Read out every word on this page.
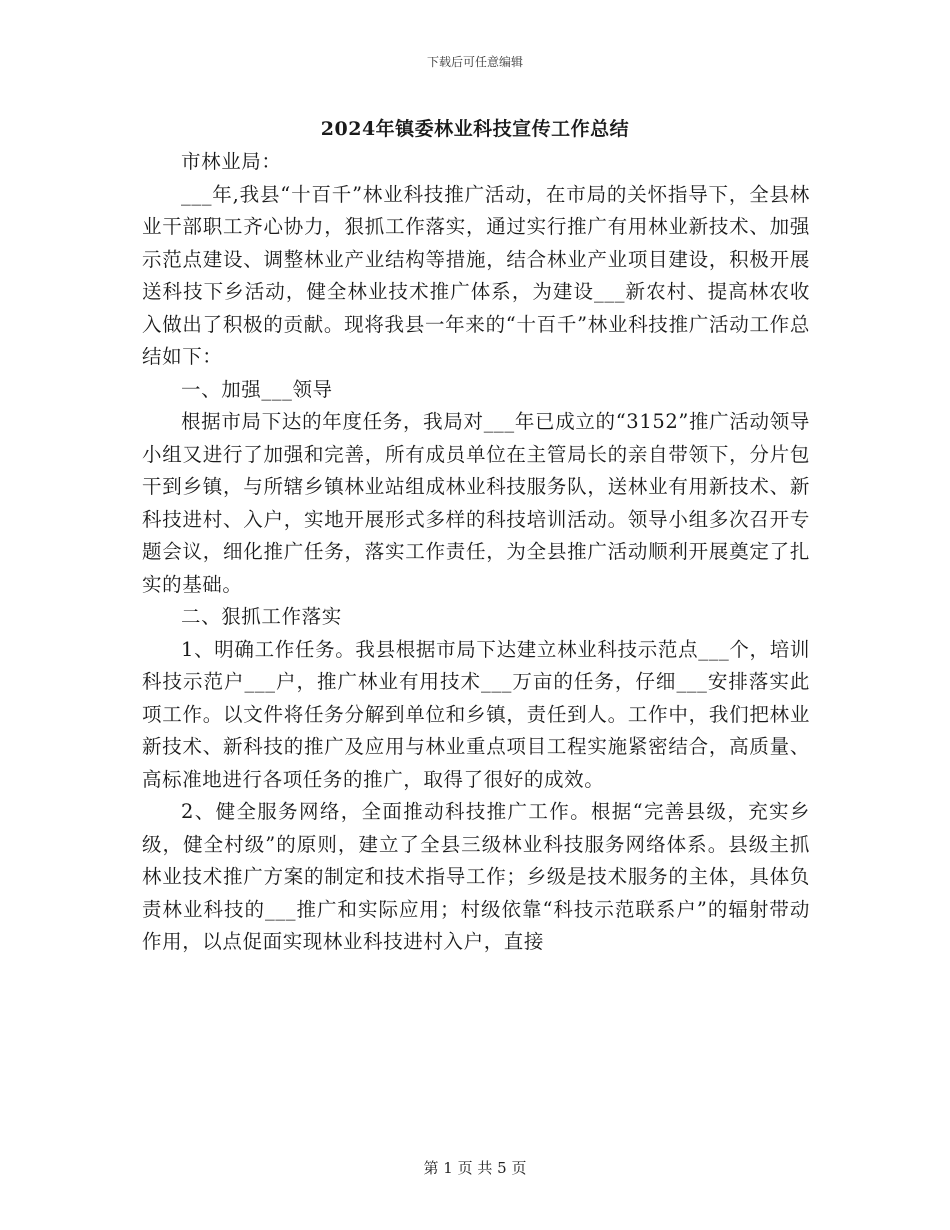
下载后可任意编辑
2024年镇委林业科技宣传工作总结

市林业局：

___年,我县“十百千”林业科技推广活动，在市局的关怀指导下，全县林业干部职工齐心协力，狠抓工作落实，通过实行推广有用林业新技术、加强示范点建设、调整林业产业结构等措施，结合林业产业项目建设，积极开展送科技下乡活动，健全林业技术推广体系，为建设___新农村、提高林农收入做出了积极的贡献。现将我县一年来的“十百千”林业科技推广活动工作总结如下：

一、加强___领导

根据市局下达的年度任务，我局对___年已成立的“3152”推广活动领导小组又进行了加强和完善，所有成员单位在主管局长的亲自带领下，分片包干到乡镇，与所辖乡镇林业站组成林业科技服务队，送林业有用新技术、新科技进村、入户，实地开展形式多样的科技培训活动。领导小组多次召开专题会议，细化推广任务，落实工作责任，为全县推广活动顺利开展奠定了扎实的基础。

二、狠抓工作落实

1、明确工作任务。我县根据市局下达建立林业科技示范点___个，培训科技示范户___户，推广林业有用技术___万亩的任务，仔细___安排落实此项工作。以文件将任务分解到单位和乡镇，责任到人。工作中，我们把林业新技术、新科技的推广及应用与林业重点项目工程实施紧密结合，高质量、高标准地进行各项任务的推广，取得了很好的成效。

2、健全服务网络，全面推动科技推广工作。根据“完善县级，充实乡级，健全村级”的原则，建立了全县三级林业科技服务网络体系。县级主抓林业技术推广方案的制定和技术指导工作；乡级是技术服务的主体，具体负责林业科技的___推广和实际应用；村级依靠“科技示范联系户”的辐射带动作用，以点促面实现林业科技进村入户，直接

第 1 页 共 5 页
